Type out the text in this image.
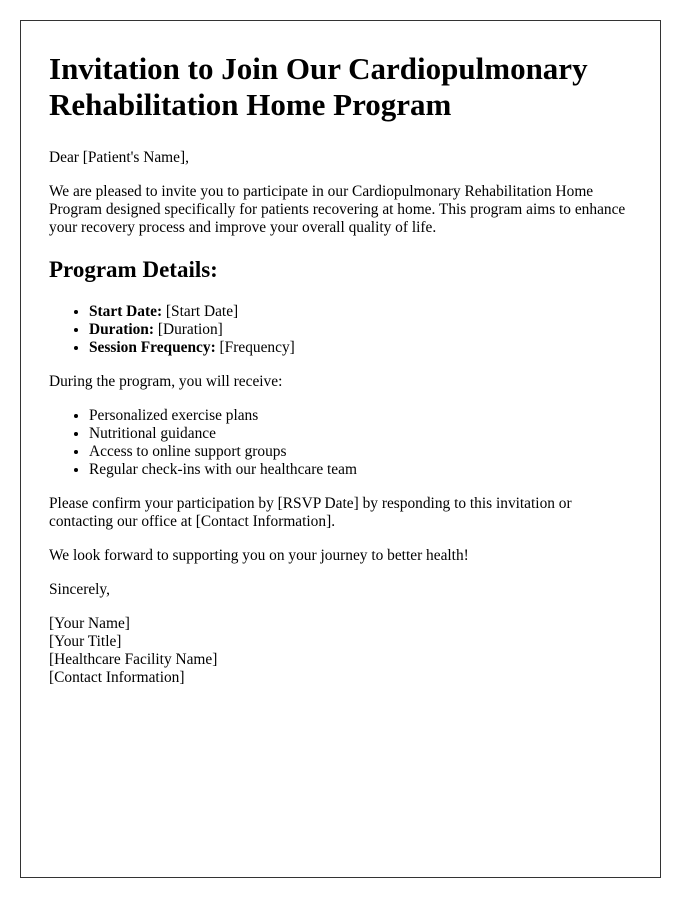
Invitation to Join Our Cardiopulmonary Rehabilitation Home Program

Dear [Patient's Name],

We are pleased to invite you to participate in our Cardiopulmonary Rehabilitation Home Program designed specifically for patients recovering at home. This program aims to enhance your recovery process and improve your overall quality of life.

Program Details:
• Start Date: [Start Date]
• Duration: [Duration]
• Session Frequency: [Frequency]

During the program, you will receive:

• Personalized exercise plans
• Nutritional guidance
• Access to online support groups
• Regular check-ins with our healthcare team

Please confirm your participation by [RSVP Date] by responding to this invitation or contacting our office at [Contact Information].

We look forward to supporting you on your journey to better health!

Sincerely,

[Your Name]
[Your Title]
[Healthcare Facility Name]
[Contact Information]
